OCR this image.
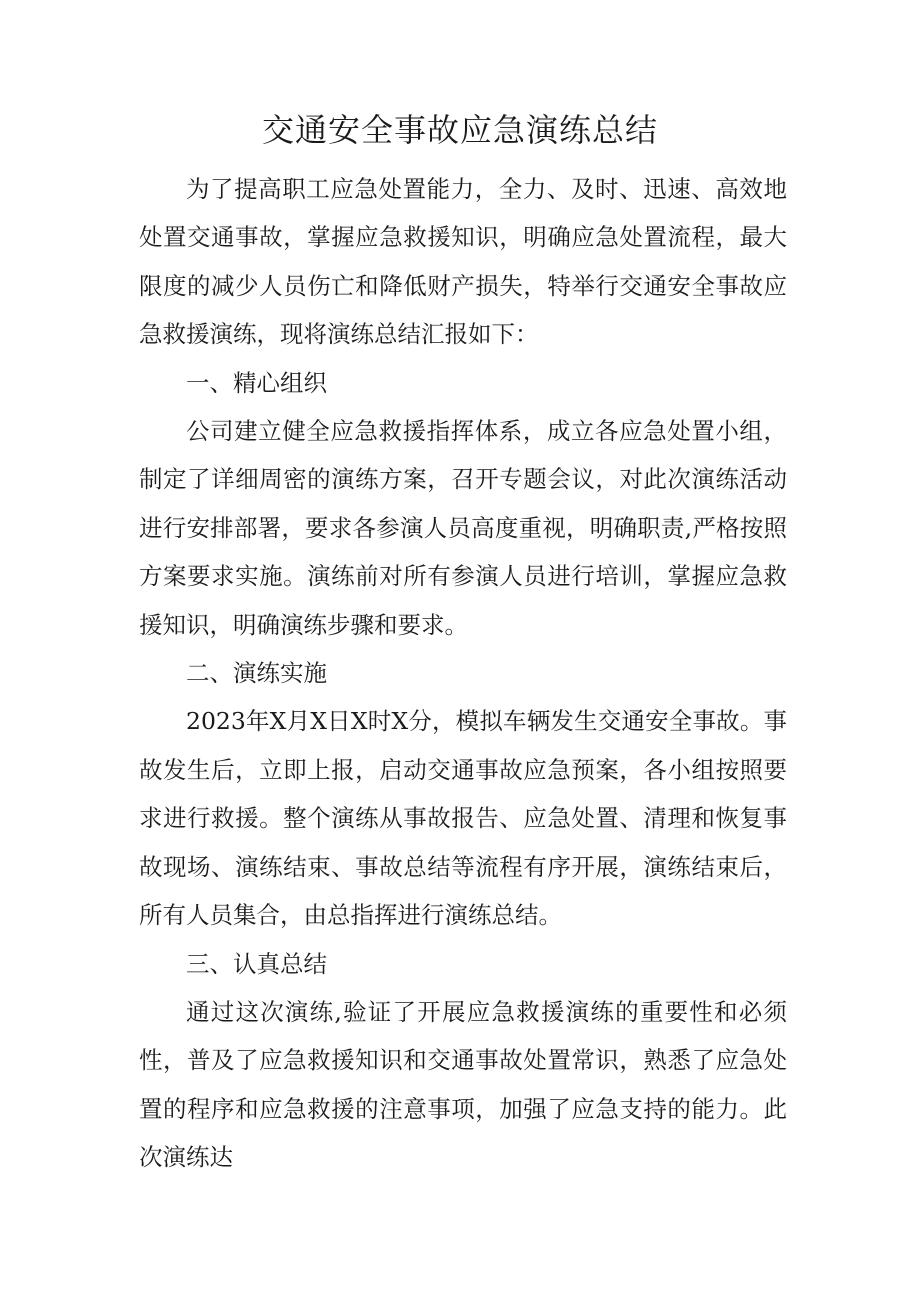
交通安全事故应急演练总结

为了提高职工应急处置能力，全力、及时、迅速、高效地处置交通事故，掌握应急救援知识，明确应急处置流程，最大限度的减少人员伤亡和降低财产损失，特举行交通安全事故应急救援演练，现将演练总结汇报如下：

一、精心组织

公司建立健全应急救援指挥体系，成立各应急处置小组，制定了详细周密的演练方案，召开专题会议，对此次演练活动进行安排部署，要求各参演人员高度重视，明确职责,严格按照方案要求实施。演练前对所有参演人员进行培训，掌握应急救援知识，明确演练步骤和要求。

二、演练实施

2023年X月X日X时X分，模拟车辆发生交通安全事故。事故发生后，立即上报，启动交通事故应急预案，各小组按照要求进行救援。整个演练从事故报告、应急处置、清理和恢复事故现场、演练结束、事故总结等流程有序开展，演练结束后，所有人员集合，由总指挥进行演练总结。

三、认真总结

通过这次演练,验证了开展应急救援演练的重要性和必须性，普及了应急救援知识和交通事故处置常识，熟悉了应急处置的程序和应急救援的注意事项，加强了应急支持的能力。此次演练达
